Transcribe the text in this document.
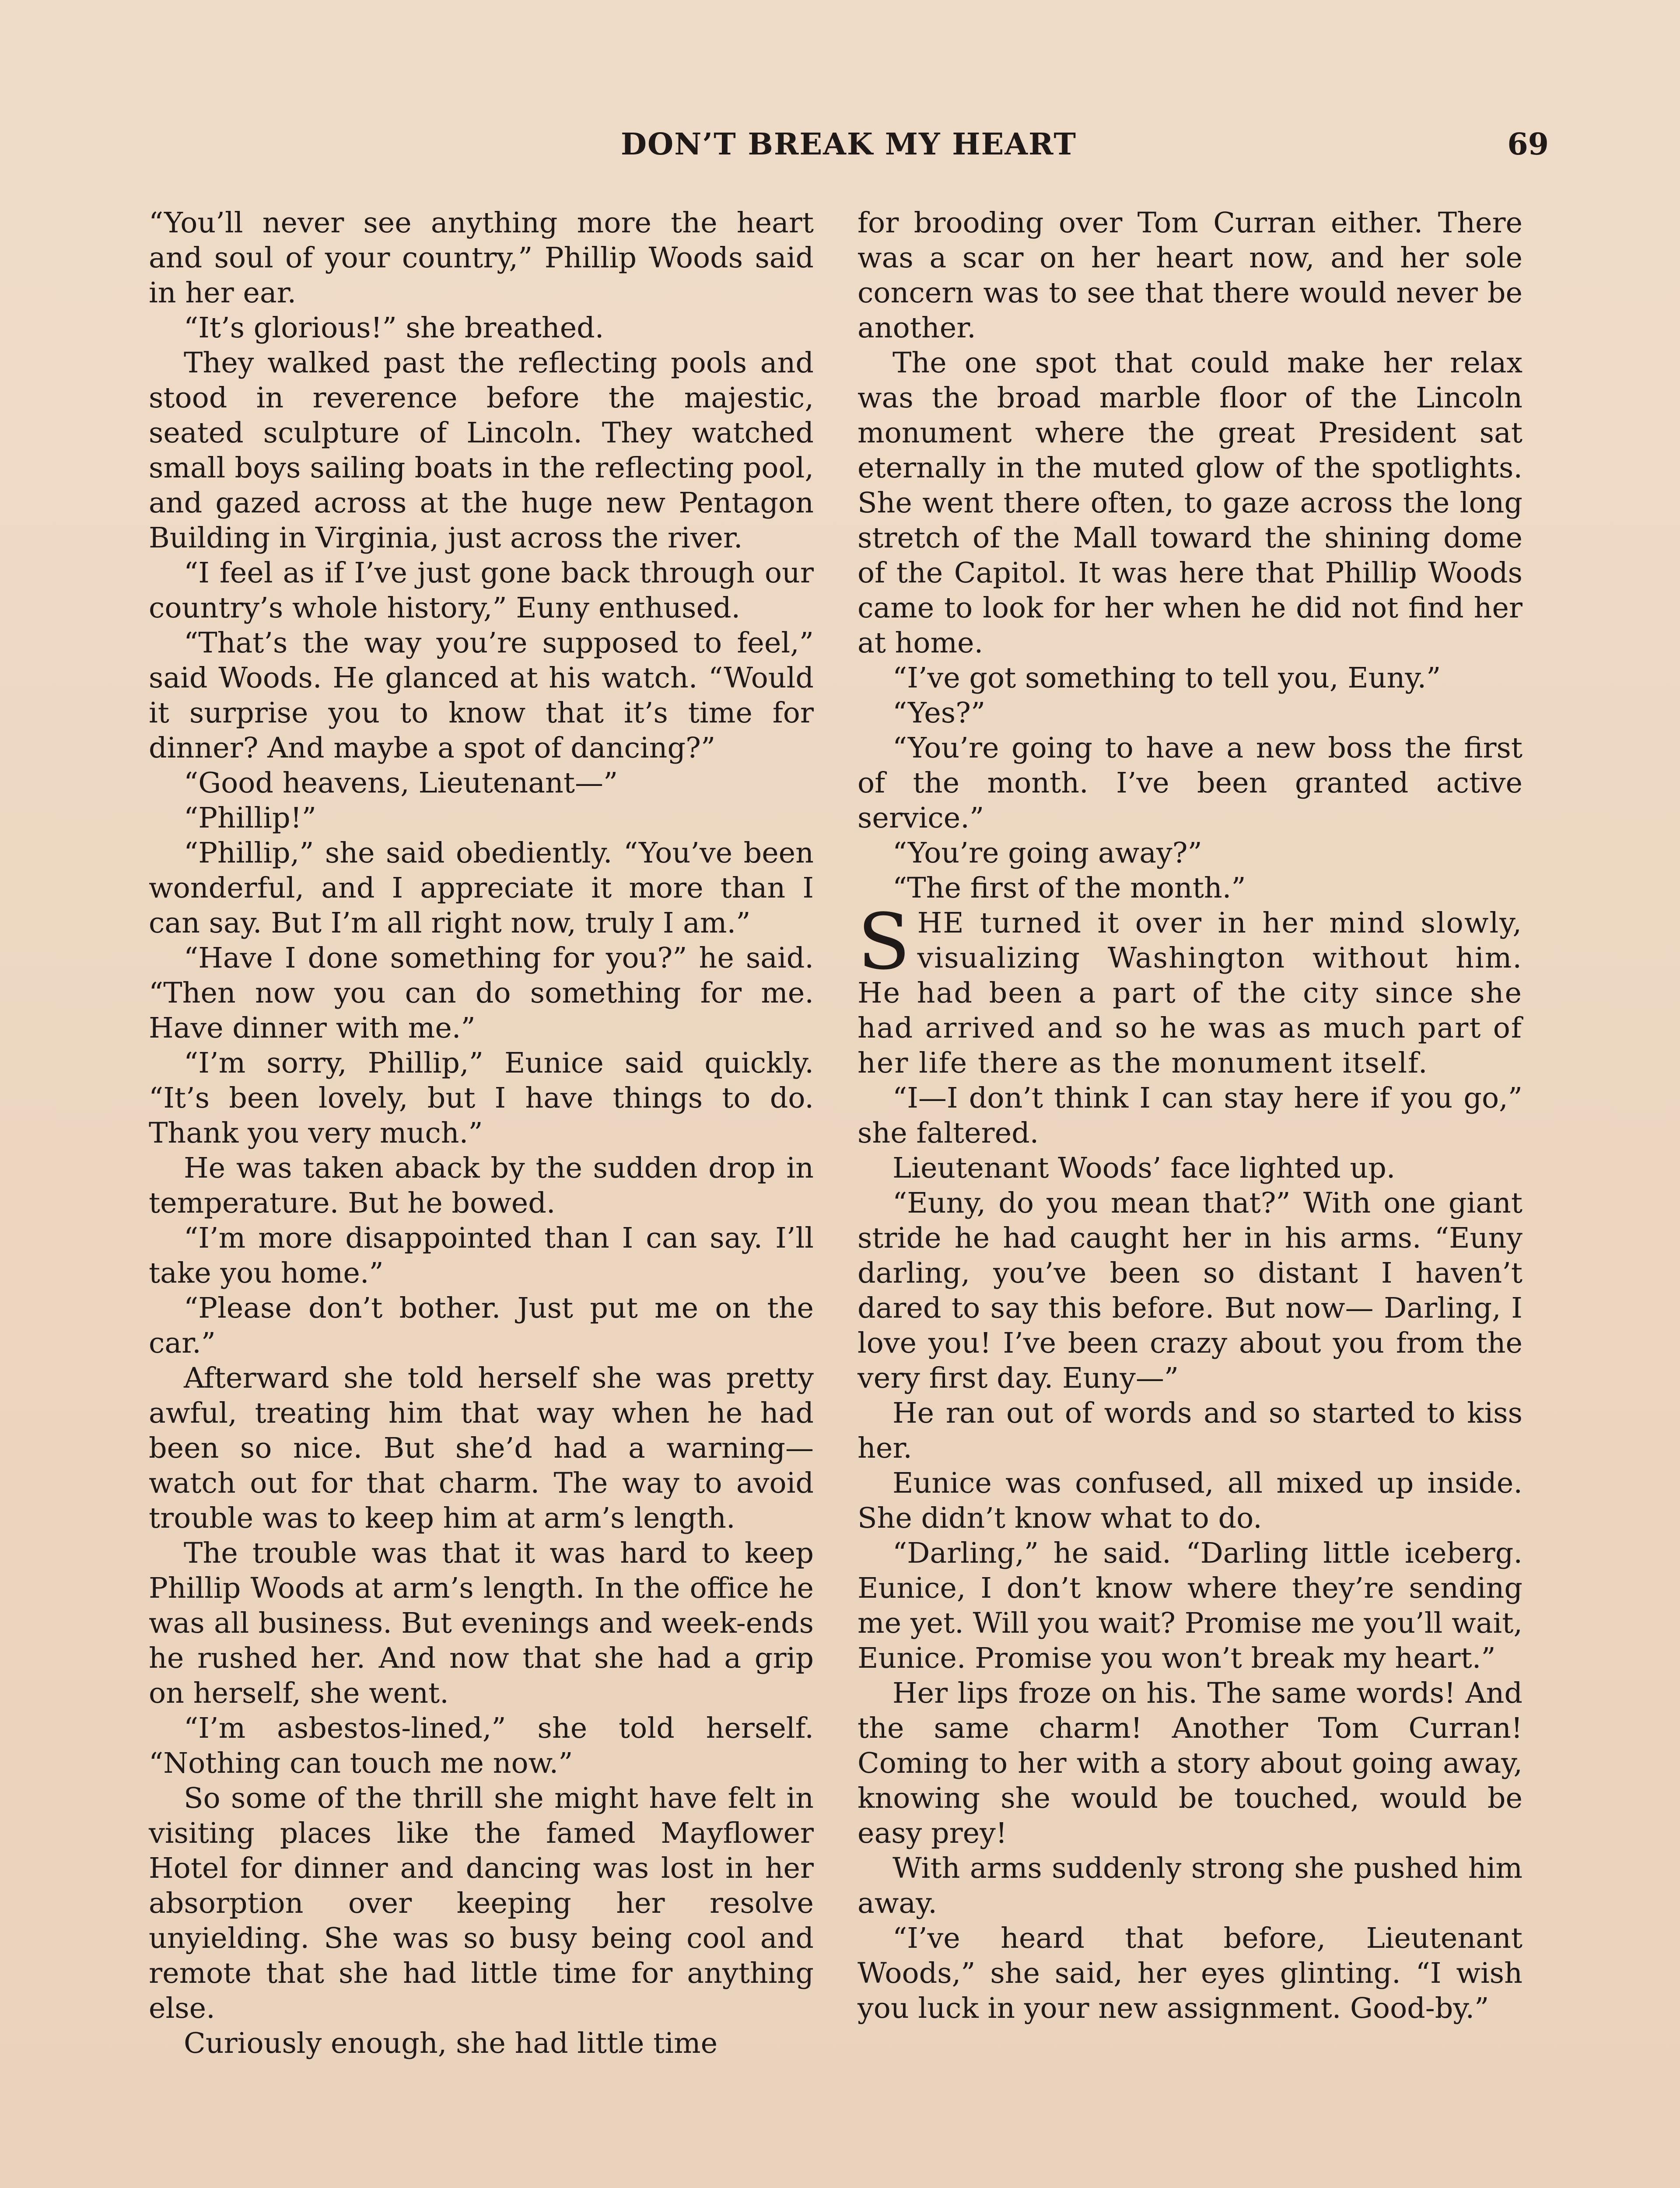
DON’T BREAK MY HEART	69

“You’ll never see anything more the heart and soul of your country,” Phillip Woods said in her ear.

“It’s glorious!” she breathed.

They walked past the reflecting pools and stood in reverence before the majestic, seated sculpture of Lincoln. They watched small boys sailing boats in the reflecting pool, and gazed across at the huge new Pentagon Building in Virginia, just across the river.

“I feel as if I’ve just gone back through our country’s whole history,” Euny enthused.

“That’s the way you’re supposed to feel,” said Woods. He glanced at his watch. “Would it surprise you to know that it’s time for dinner? And maybe a spot of dancing?”

“Good heavens, Lieutenant—”

“Phillip!”

“Phillip,” she said obediently. “You’ve been wonderful, and I appreciate it more than I can say. But I’m all right now, truly I am.”

“Have I done something for you?” he said. “Then now you can do something for me. Have dinner with me.”

“I’m sorry, Phillip,” Eunice said quickly. “It’s been lovely, but I have things to do. Thank you very much.”

He was taken aback by the sudden drop in temperature. But he bowed.

“I’m more disappointed than I can say. I’ll take you home.”

“Please don’t bother. Just put me on the car.”

Afterward she told herself she was pretty awful, treating him that way when he had been so nice. But she’d had a warning—watch out for that charm. The way to avoid trouble was to keep him at arm’s length.

The trouble was that it was hard to keep Phillip Woods at arm’s length. In the office he was all business. But evenings and week-ends he rushed her. And now that she had a grip on herself, she went.

“I’m asbestos-lined,” she told herself. “Nothing can touch me now.”

So some of the thrill she might have felt in visiting places like the famed Mayflower Hotel for dinner and dancing was lost in her absorption over keeping her resolve unyielding. She was so busy being cool and remote that she had little time for anything else.

Curiously enough, she had little time

for brooding over Tom Curran either. There was a scar on her heart now, and her sole concern was to see that there would never be another.

The one spot that could make her relax was the broad marble floor of the Lincoln monument where the great President sat eternally in the muted glow of the spotlights. She went there often, to gaze across the long stretch of the Mall toward the shining dome of the Capitol. It was here that Phillip Woods came to look for her when he did not find her at home.

“I’ve got something to tell you, Euny.”

“Yes?”

“You’re going to have a new boss the first of the month. I’ve been granted active service.”

“You’re going away?”

“The first of the month.”

SHE turned it over in her mind slowly, visualizing Washington without him. He had been a part of the city since she had arrived and so he was as much part of her life there as the monument itself.

“I—I don’t think I can stay here if you go,” she faltered.

Lieutenant Woods’ face lighted up.

“Euny, do you mean that?” With one giant stride he had caught her in his arms. “Euny darling, you’ve been so distant I haven’t dared to say this before. But now— Darling, I love you! I’ve been crazy about you from the very first day. Euny—”

He ran out of words and so started to kiss her.

Eunice was confused, all mixed up inside. She didn’t know what to do.

“Darling,” he said. “Darling little iceberg. Eunice, I don’t know where they’re sending me yet. Will you wait? Promise me you’ll wait, Eunice. Promise you won’t break my heart.”

Her lips froze on his. The same words! And the same charm! Another Tom Curran! Coming to her with a story about going away, knowing she would be touched, would be easy prey!

With arms suddenly strong she pushed him away.

“I’ve heard that before, Lieutenant Woods,” she said, her eyes glinting. “I wish you luck in your new assignment. Good-by.”
